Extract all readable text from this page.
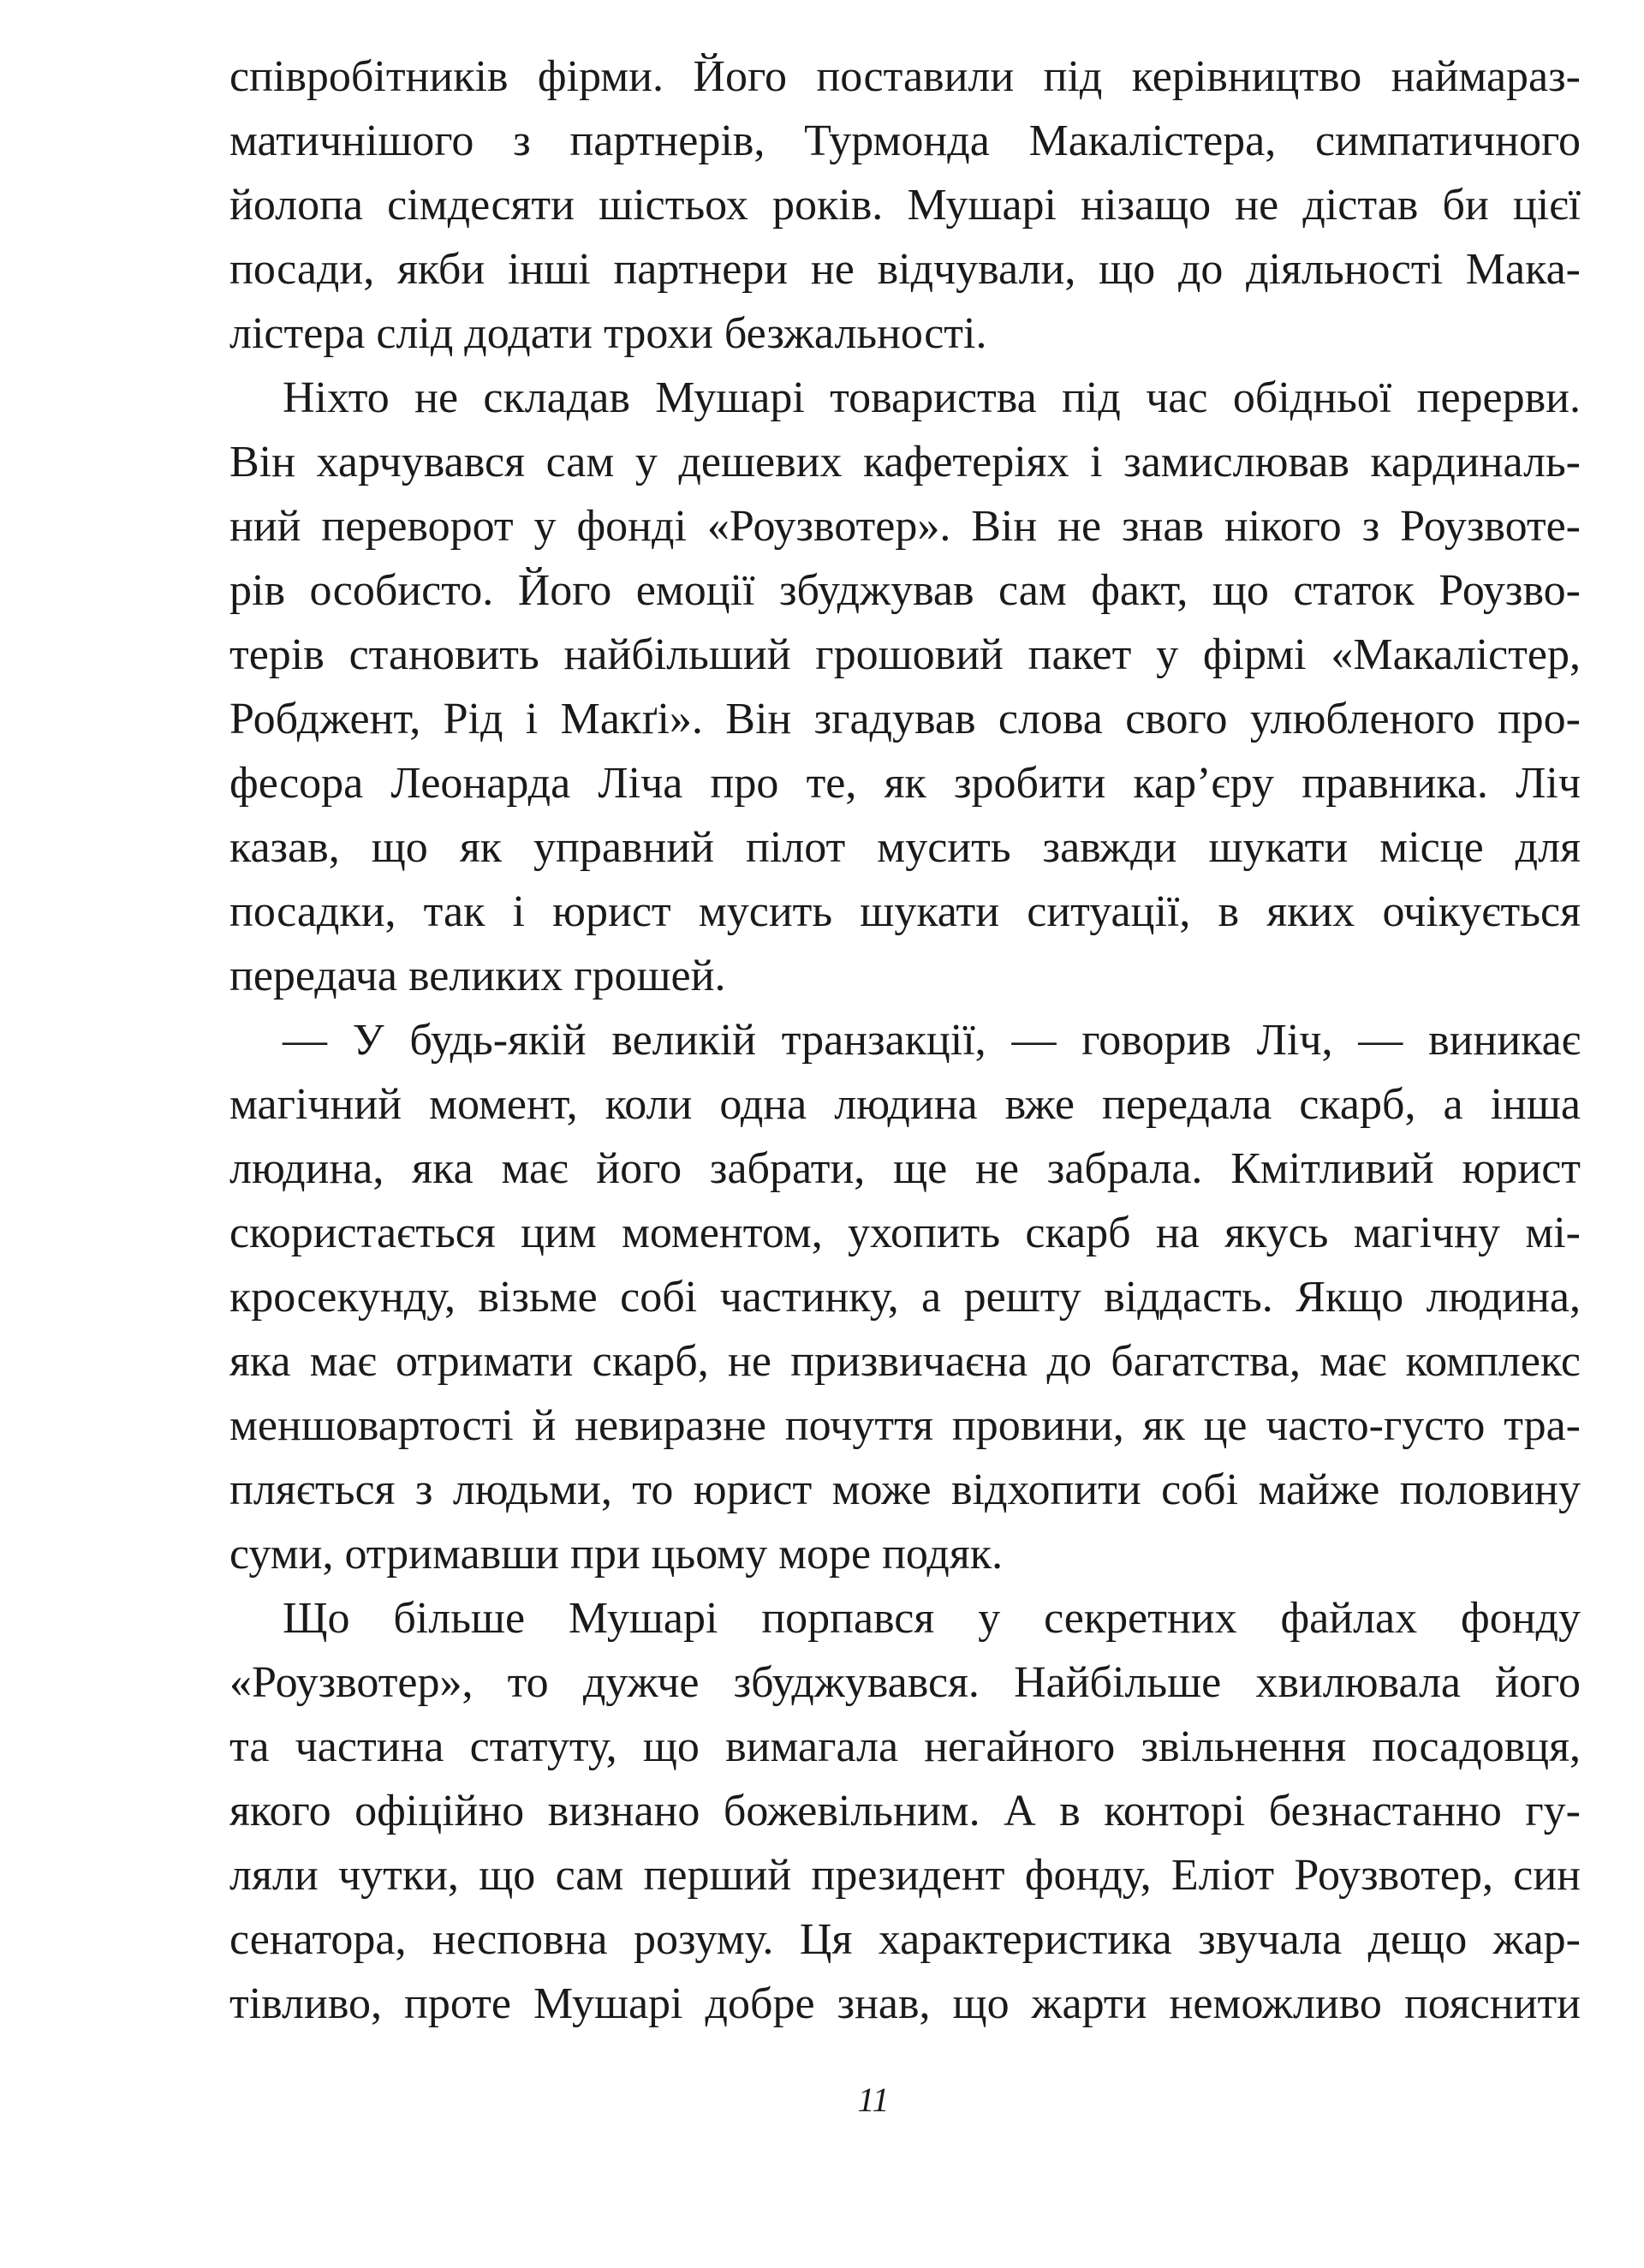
співробітників фірми. Його поставили під керівництво наймараз-
матичнішого з партнерів, Турмонда Макалістера, симпатичного
йолопа сімдесяти шістьох років. Мушарі нізащо не дістав би цієї
посади, якби інші партнери не відчували, що до діяльності Мака-
лістера слід додати трохи безжальності.
Ніхто не складав Мушарі товариства під час обідньої перерви.
Він харчувався сам у дешевих кафетеріях і замислював кардиналь-
ний переворот у фонді «Роузвотер». Він не знав нікого з Роузвоте-
рів особисто. Його емоції збуджував сам факт, що статок Роузво-
терів становить найбільший грошовий пакет у фірмі «Макалістер,
Робджент, Рід і Макґі». Він згадував слова свого улюбленого про-
фесора Леонарда Ліча про те, як зробити кар’єру правника. Ліч
казав, що як управний пілот мусить завжди шукати місце для
посадки, так і юрист мусить шукати ситуації, в яких очікується
передача великих грошей.
— У будь-якій великій транзакції, — говорив Ліч, — виникає
магічний момент, коли одна людина вже передала скарб, а інша
людина, яка має його забрати, ще не забрала. Кмітливий юрист
скористається цим моментом, ухопить скарб на якусь магічну мі-
кросекунду, візьме собі частинку, а решту віддасть. Якщо людина,
яка має отримати скарб, не призвичаєна до багатства, має комплекс
меншовартості й невиразне почуття провини, як це часто-густо тра-
пляється з людьми, то юрист може відхопити собі майже половину
суми, отримавши при цьому море подяк.
Що більше Мушарі порпався у секретних файлах фонду
«Роузвотер», то дужче збуджувався. Найбільше хвилювала його
та частина статуту, що вимагала негайного звільнення посадовця,
якого офіційно визнано божевільним. А в конторі безнастанно гу-
ляли чутки, що сам перший президент фонду, Еліот Роузвотер, син
сенатора, несповна розуму. Ця характеристика звучала дещо жар-
тівливо, проте Мушарі добре знав, що жарти неможливо пояснити
11
